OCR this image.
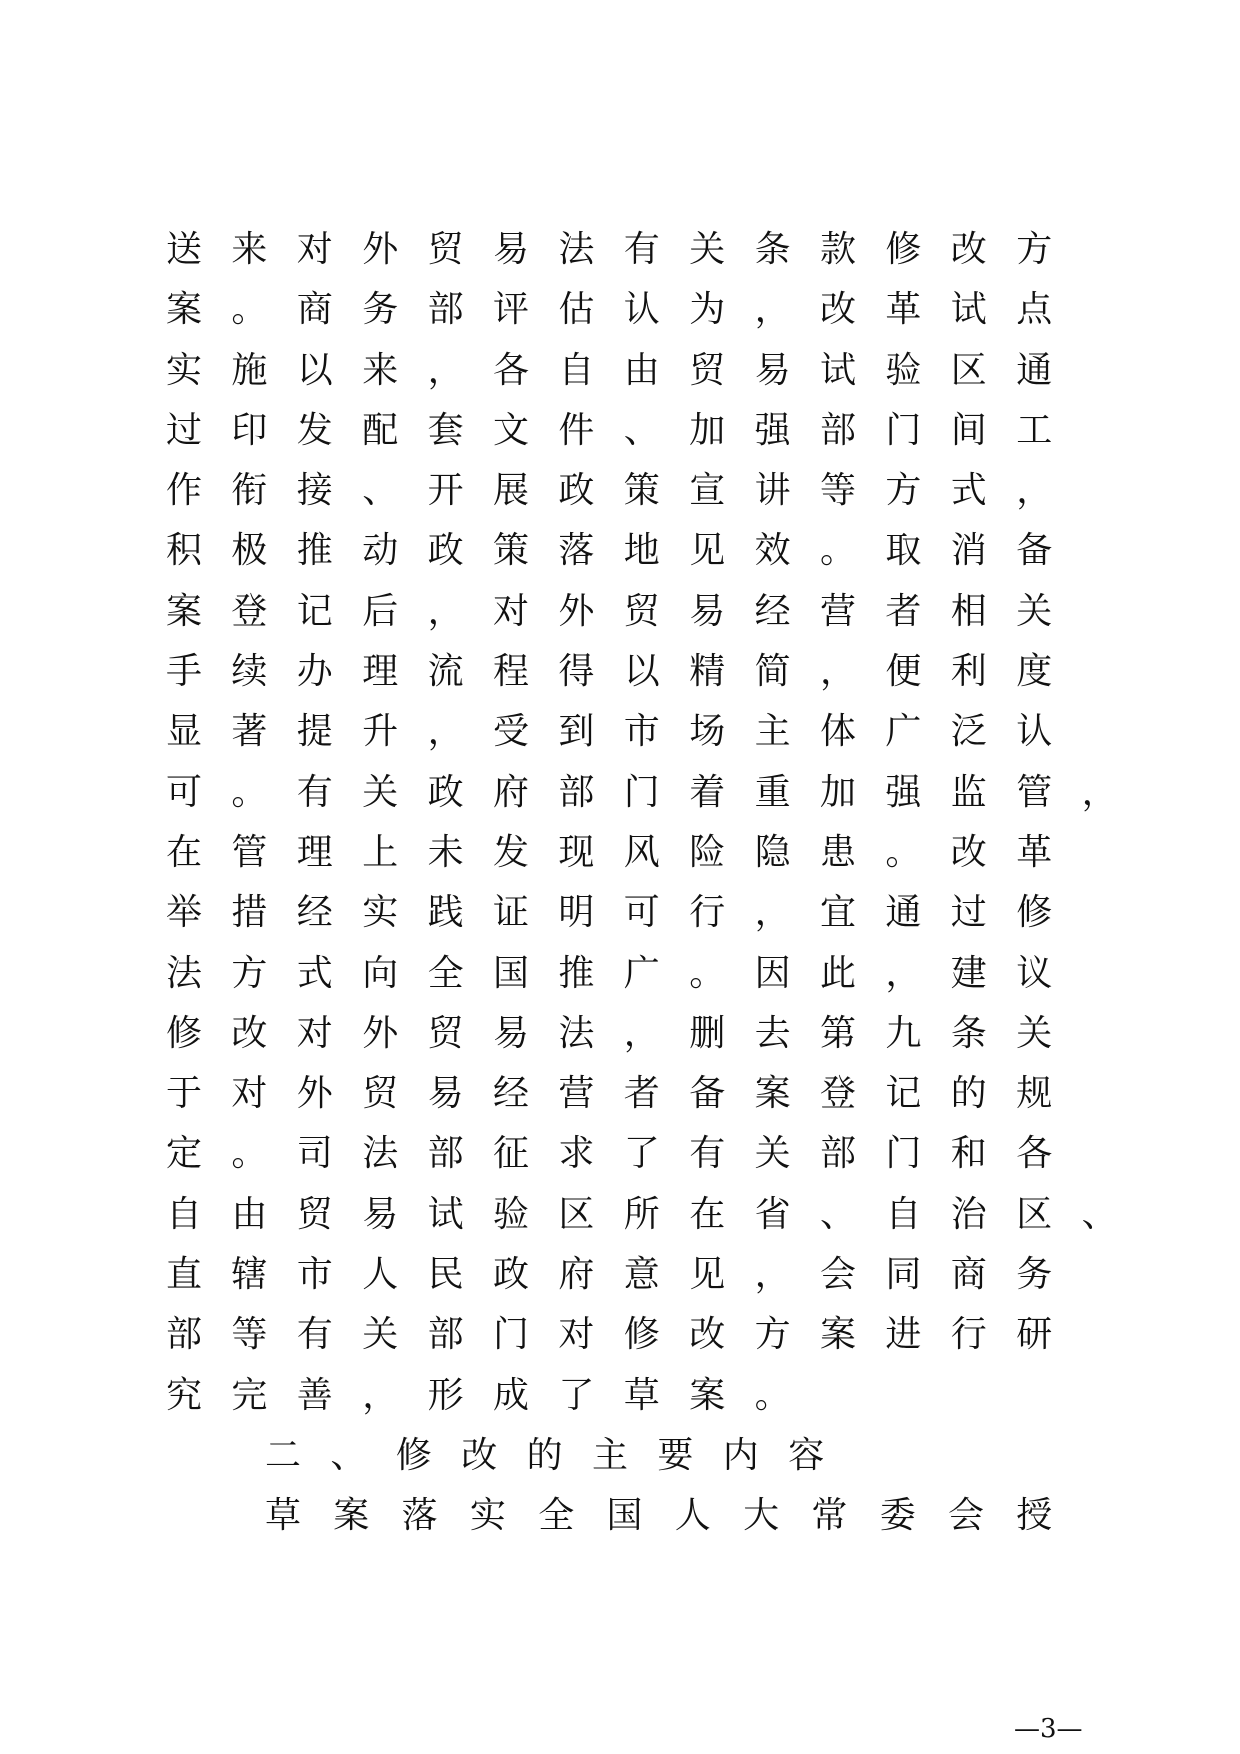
送来对外贸易法有关条款修改方
案。商务部评估认为，改革试点
实施以来，各自由贸易试验区通
过印发配套文件、加强部门间工
作衔接、开展政策宣讲等方式，
积极推动政策落地见效。取消备
案登记后，对外贸易经营者相关
手续办理流程得以精简，便利度
显著提升，受到市场主体广泛认
可。有关政府部门着重加强监管，
在管理上未发现风险隐患。改革
举措经实践证明可行，宜通过修
法方式向全国推广。因此，建议
修改对外贸易法，删去第九条关
于对外贸易经营者备案登记的规
定。司法部征求了有关部门和各
自由贸易试验区所在省、自治区、
直辖市人民政府意见，会同商务
部等有关部门对修改方案进行研
究完善，形成了草案。
二、修改的主要内容
草案落实全国人大常委会授
—3—
